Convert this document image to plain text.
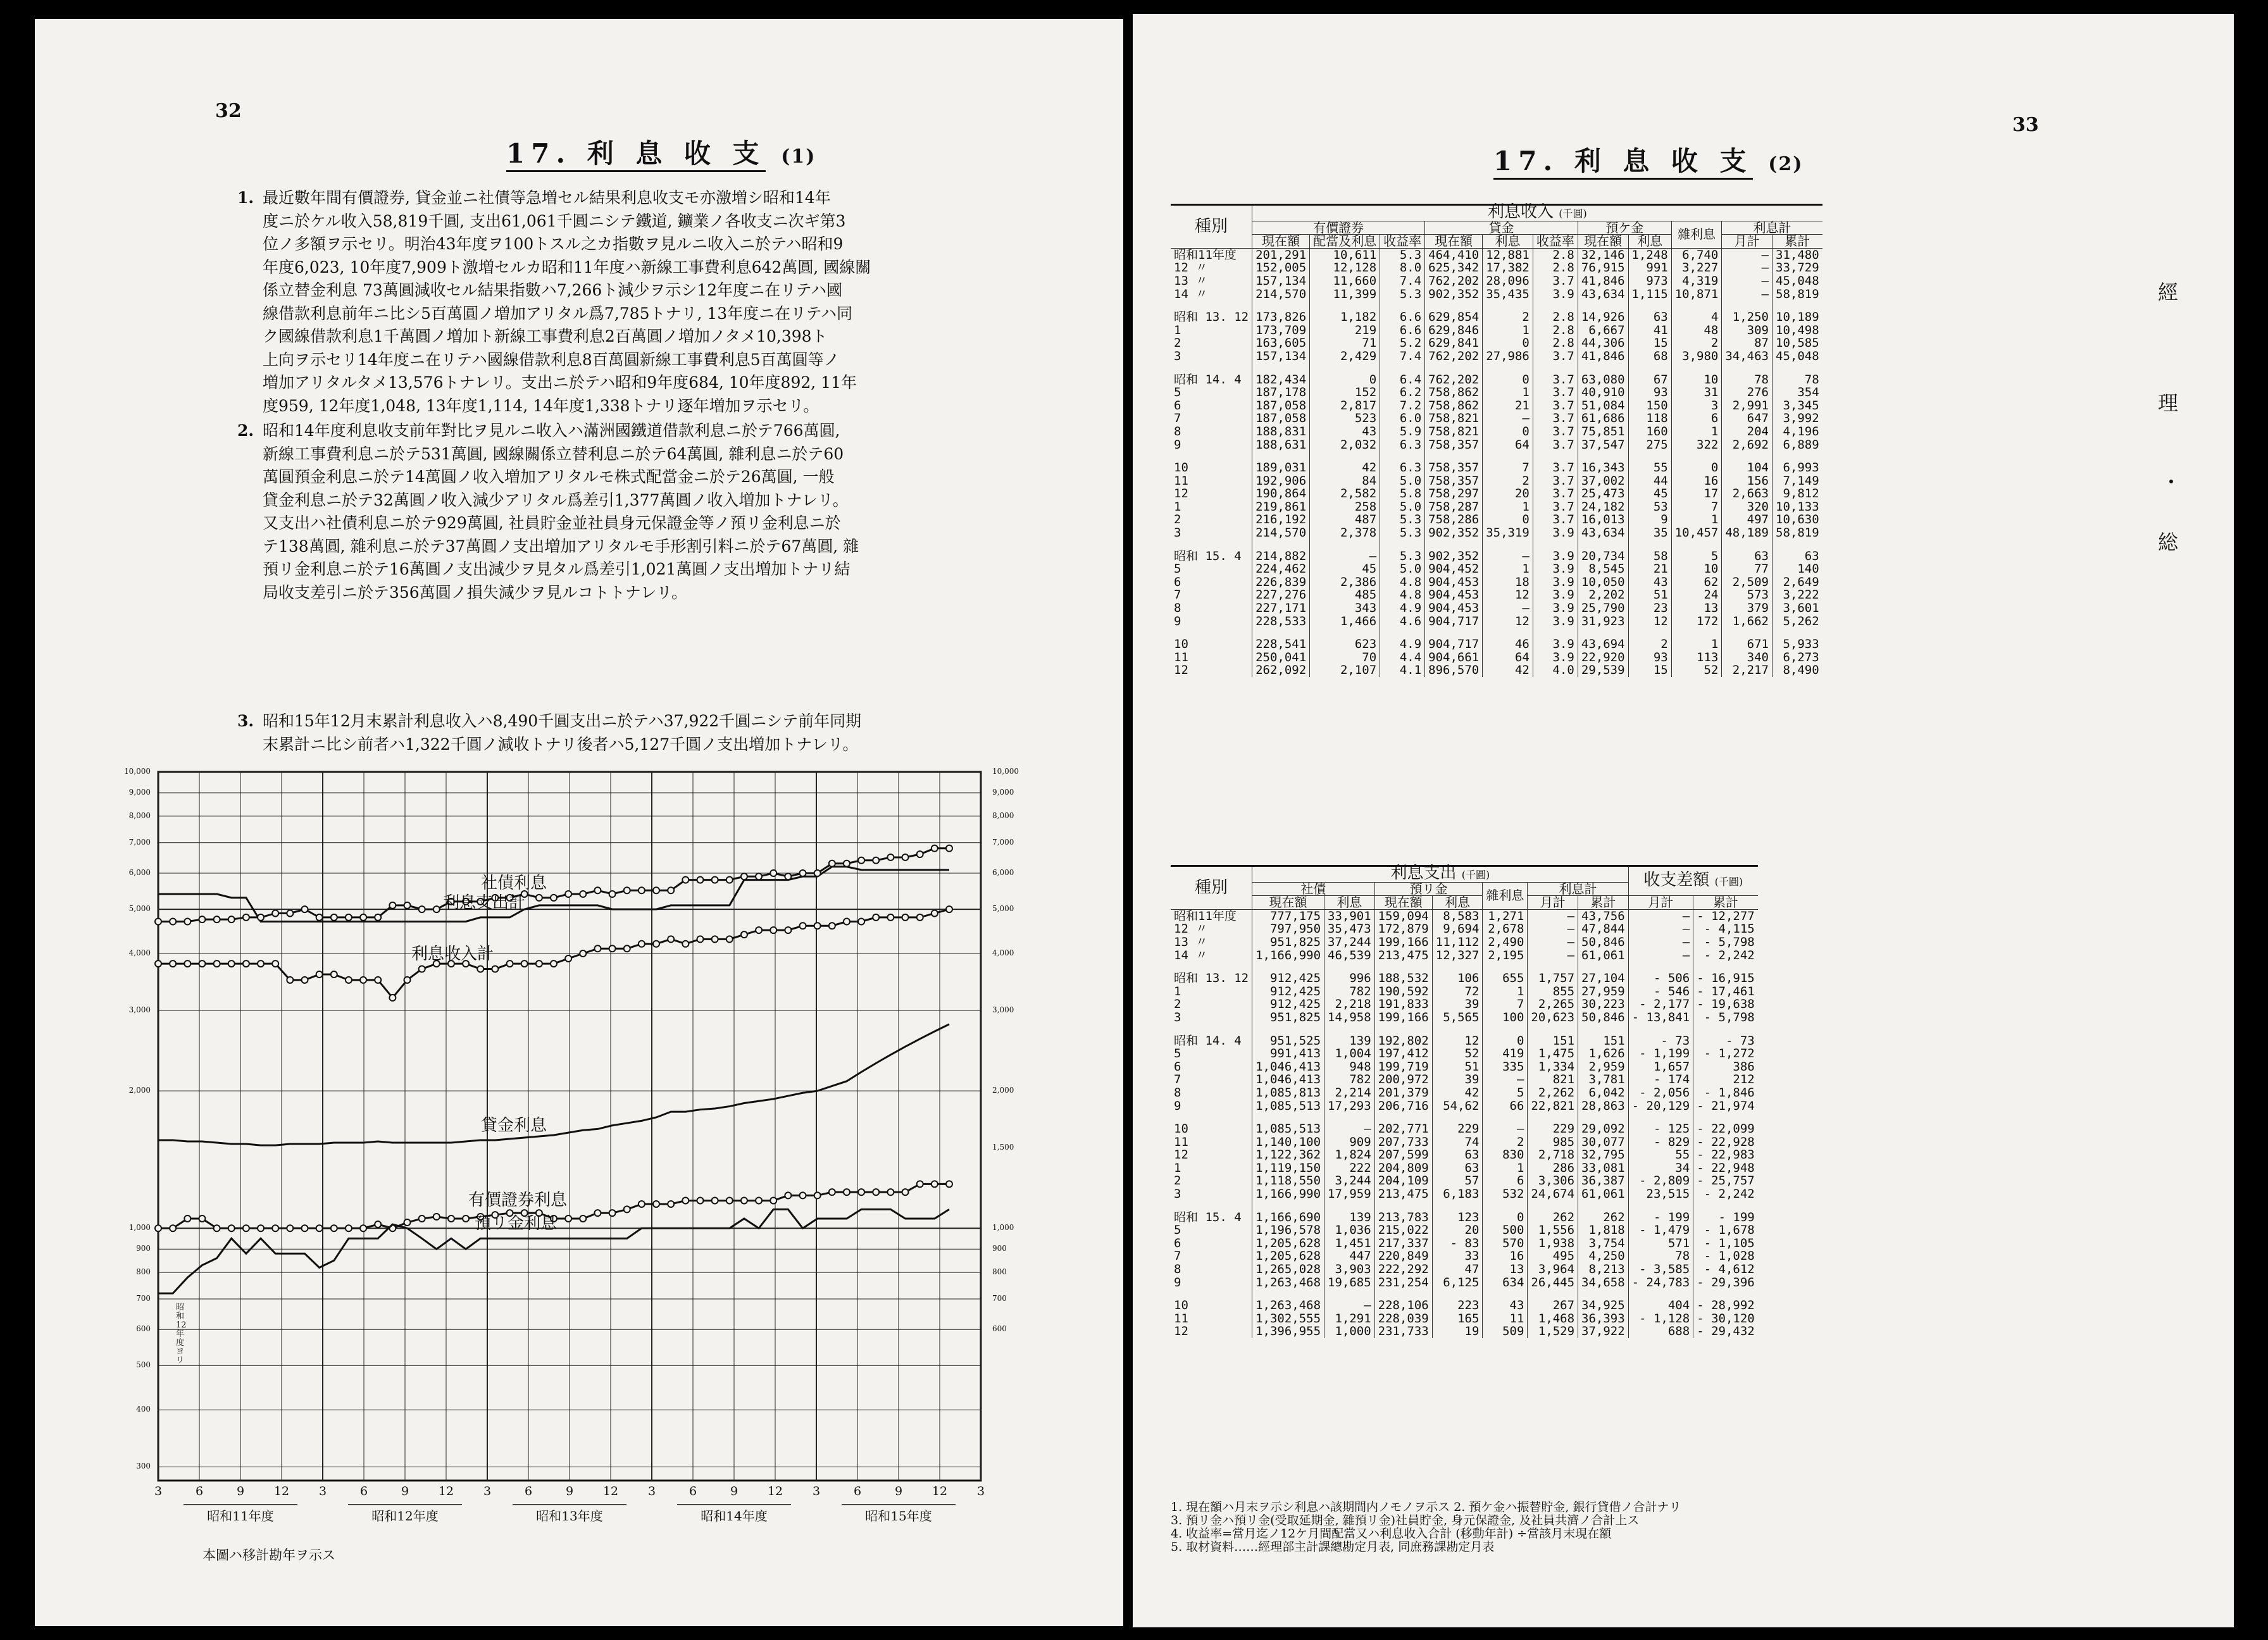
32
17. 利 息 收 支 (1)
1. 最近數年間有價證券, 貸金並ニ社債等急増セル結果利息收支モ亦激増シ昭和14年
度ニ於ケル收入58,819千圓, 支出61,061千圓ニシテ鐵道, 鑛業ノ各收支ニ次ギ第3
位ノ多額ヲ示セリ。明治43年度ヲ100トスル之カ指數ヲ見ルニ收入ニ於テハ昭和9
年度6,023, 10年度7,909ト激増セルカ昭和11年度ハ新線工事費利息642萬圓, 國線關
係立替金利息 73萬圓減收セル結果指數ハ7,266ト減少ヲ示シ12年度ニ在リテハ國
線借款利息前年ニ比シ5百萬圓ノ増加アリタル爲7,785トナリ, 13年度ニ在リテハ同
ク國線借款利息1千萬圓ノ増加ト新線工事費利息2百萬圓ノ増加ノタメ10,398ト
上向ヲ示セリ14年度ニ在リテハ國線借款利息8百萬圓新線工事費利息5百萬圓等ノ
増加アリタルタメ13,576トナレリ。支出ニ於テハ昭和9年度684, 10年度892, 11年
度959, 12年度1,048, 13年度1,114, 14年度1,338トナリ逐年増加ヲ示セリ。
2. 昭和14年度利息收支前年對比ヲ見ルニ收入ハ滿洲國鐵道借款利息ニ於テ766萬圓,
新線工事費利息ニ於テ531萬圓, 國線關係立替利息ニ於テ64萬圓, 雜利息ニ於テ60
萬圓預金利息ニ於テ14萬圓ノ收入増加アリタルモ株式配當金ニ於テ26萬圓, 一般
貸金利息ニ於テ32萬圓ノ收入減少アリタル爲差引1,377萬圓ノ收入増加トナレリ。
又支出ハ社債利息ニ於テ929萬圓, 社員貯金並社員身元保證金等ノ預リ金利息ニ於
テ138萬圓, 雜利息ニ於テ37萬圓ノ支出増加アリタルモ手形割引料ニ於テ67萬圓, 雜
預リ金利息ニ於テ16萬圓ノ支出減少ヲ見タル爲差引1,021萬圓ノ支出増加トナリ結
局收支差引ニ於テ356萬圓ノ損失減少ヲ見ルコトトナレリ。
3. 昭和15年12月末累計利息收入ハ8,490千圓支出ニ於テハ37,922千圓ニシテ前年同期
末累計ニ比シ前者ハ1,322千圓ノ減收トナリ後者ハ5,127千圓ノ支出増加トナレリ。
本圖ハ移計勘年ヲ示ス
3	6	9	12	3	6	9	12	3	6	9	12	3	6	9	12	3	6	9	12	3
10,000
9,000
8,000
7,000
6,000
5,000
4,000
3,000
2,000
1,000
900
800
700
600
500
400
300
10,000
9,000
8,000
7,000
6,000
5,000
4,000
3,000
2,000
1,500
1,000
900
800
700
600
昭和11年度	昭和12年度	昭和13年度	昭和14年度	昭和15年度
昭和12年度ヨリ
利息支出計
社債利息
利息收入計
貸金利息
有價證券利息
預リ金利息
33
17. 利 息 收 支 (2)
種別	利息收入 (千圓)										
	有價證券			貸金			預ケ金		雜利息	利息計	
	現在額	配當及利息	收益率	現在額	利息	收益率	現在額	利息		月計	累計
昭和11年度	201,291	10,611	5.3	464,410	12,881	2.8	32,146	1,248	6,740	—	31,480
12 〃	152,005	12,128	8.0	625,342	17,382	2.8	76,915	991	3,227	—	33,729
13 〃	157,134	11,660	7.4	762,202	28,096	3.7	41,846	973	4,319	—	45,048
14 〃	214,570	11,399	5.3	902,352	35,435	3.9	43,634	1,115	10,871	—	58,819

昭和 13. 12	173,826	1,182	6.6	629,854	2	2.8	14,926	63	4	1,250	10,189
1	173,709	219	6.6	629,846	1	2.8	6,667	41	48	309	10,498
2	163,605	71	5.2	629,841	0	2.8	44,306	15	2	87	10,585
3	157,134	2,429	7.4	762,202	27,986	3.7	41,846	68	3,980	34,463	45,048

昭和 14. 4	182,434	0	6.4	762,202	0	3.7	63,080	67	10	78	78
5	187,178	152	6.2	758,862	1	3.7	40,910	93	31	276	354
6	187,058	2,817	7.2	758,862	21	3.7	51,084	150	3	2,991	3,345
7	187,058	523	6.0	758,821	—	3.7	61,686	118	6	647	3,992
8	188,831	43	5.9	758,821	0	3.7	75,851	160	1	204	4,196
9	188,631	2,032	6.3	758,357	64	3.7	37,547	275	322	2,692	6,889

10	189,031	42	6.3	758,357	7	3.7	16,343	55	0	104	6,993
11	192,906	84	5.0	758,357	2	3.7	37,002	44	16	156	7,149
12	190,864	2,582	5.8	758,297	20	3.7	25,473	45	17	2,663	9,812
1	219,861	258	5.0	758,287	1	3.7	24,182	53	7	320	10,133
2	216,192	487	5.3	758,286	0	3.7	16,013	9	1	497	10,630
3	214,570	2,378	5.3	902,352	35,319	3.9	43,634	35	10,457	48,189	58,819

昭和 15. 4	214,882	—	5.3	902,352	—	3.9	20,734	58	5	63	63
5	224,462	45	5.0	904,452	1	3.9	8,545	21	10	77	140
6	226,839	2,386	4.8	904,453	18	3.9	10,050	43	62	2,509	2,649
7	227,276	485	4.8	904,453	12	3.9	2,202	51	24	573	3,222
8	227,171	343	4.9	904,453	—	3.9	25,790	23	13	379	3,601
9	228,533	1,466	4.6	904,717	12	3.9	31,923	12	172	1,662	5,262

10	228,541	623	4.9	904,717	46	3.9	43,694	2	1	671	5,933
11	250,041	70	4.4	904,661	64	3.9	22,920	93	113	340	6,273
12	262,092	2,107	4.1	896,570	42	4.0	29,539	15	52	2,217	8,490
種別	利息支出 (千圓)							收支差額 (千圓)	
	社債		預リ金		雜利息	利息計			
	現在額	利息	現在額	利息		月計	累計	月計	累計
昭和11年度	777,175	33,901	159,094	8,583	1,271	—	43,756	—	- 12,277
12 〃	797,950	35,473	172,879	9,694	2,678	—	47,844	—	- 4,115
13 〃	951,825	37,244	199,166	11,112	2,490	—	50,846	—	- 5,798
14 〃	1,166,990	46,539	213,475	12,327	2,195	—	61,061	—	- 2,242

昭和 13. 12	912,425	996	188,532	106	655	1,757	27,104	- 506	- 16,915
1	912,425	782	190,592	72	1	855	27,959	- 546	- 17,461
2	912,425	2,218	191,833	39	7	2,265	30,223	- 2,177	- 19,638
3	951,825	14,958	199,166	5,565	100	20,623	50,846	- 13,841	- 5,798

昭和 14. 4	951,525	139	192,802	12	0	151	151	- 73	- 73
5	991,413	1,004	197,412	52	419	1,475	1,626	- 1,199	- 1,272
6	1,046,413	948	199,719	51	335	1,334	2,959	1,657	386
7	1,046,413	782	200,972	39	—	821	3,781	- 174	212
8	1,085,813	2,214	201,379	42	5	2,262	6,042	- 2,056	- 1,846
9	1,085,513	17,293	206,716	54,62	66	22,821	28,863	- 20,129	- 21,974

10	1,085,513	—	202,771	229	—	229	29,092	- 125	- 22,099
11	1,140,100	909	207,733	74	2	985	30,077	- 829	- 22,928
12	1,122,362	1,824	207,599	63	830	2,718	32,795	55	- 22,983
1	1,119,150	222	204,809	63	1	286	33,081	34	- 22,948
2	1,118,550	3,244	204,109	57	6	3,306	36,387	- 2,809	- 25,757
3	1,166,990	17,959	213,475	6,183	532	24,674	61,061	23,515	- 2,242

昭和 15. 4	1,166,690	139	213,783	123	0	262	262	- 199	- 199
5	1,196,578	1,036	215,022	20	500	1,556	1,818	- 1,479	- 1,678
6	1,205,628	1,451	217,337	- 83	570	1,938	3,754	571	- 1,105
7	1,205,628	447	220,849	33	16	495	4,250	78	- 1,028
8	1,265,028	3,903	222,292	47	13	3,964	8,213	- 3,585	- 4,612
9	1,263,468	19,685	231,254	6,125	634	26,445	34,658	- 24,783	- 29,396

10	1,263,468	—	228,106	223	43	267	34,925	404	- 28,992
11	1,302,555	1,291	228,039	165	11	1,468	36,393	- 1,128	- 30,120
12	1,396,955	1,000	231,733	19	509	1,529	37,922	688	- 29,432
1. 現在額ハ月末ヲ示シ利息ハ該期間内ノモノヲ示ス 2. 預ケ金ハ振替貯金, 銀行貸借ノ合計ナリ
3. 預リ金ハ預リ金(受取延期金, 雜預リ金)社員貯金, 身元保證金, 及社員共濟ノ合計上ス
4. 收益率=當月迄ノ12ケ月間配當又ハ利息收入合計 (移動年計) ÷當該月末現在額
5. 取材資料……經理部主計課總勘定月表, 同庶務課勘定月表
經
理
・
総
